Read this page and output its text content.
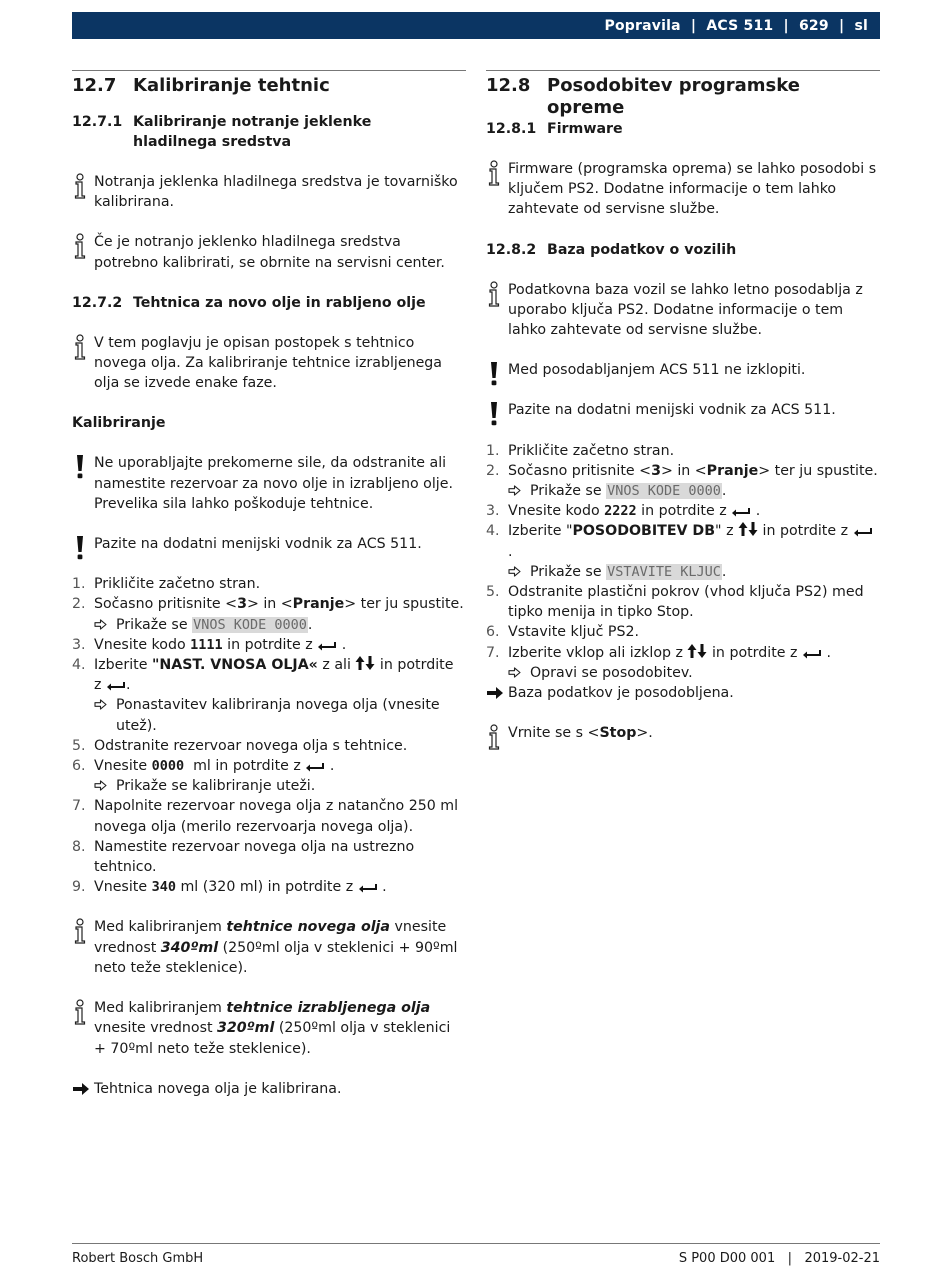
Popravila | ACS 511 | 629 | sl
12.7 Kalibriranje tehtnic
12.7.1 Kalibriranje notranje jeklenke
hladilnega sredstva
Notranja jeklenka hladilnega sredstva je tovarniško kalibrirana.
Če je notranjo jeklenko hladilnega sredstva potrebno kalibrirati, se obrnite na servisni center.
12.7.2 Tehtnica za novo olje in rabljeno olje
V tem poglavju je opisan postopek s tehtnico novega olja. Za kalibriranje tehtnice izrabljenega olja se izvede enake faze.
Kalibriranje
Ne uporabljajte prekomerne sile, da odstranite ali namestite rezervoar za novo olje in izrabljeno olje. Prevelika sila lahko poškoduje tehtnice.
Pazite na dodatni menijski vodnik za ACS 511.
1. Prikličite začetno stran.
2. Sočasno pritisnite <3> in <Pranje> ter ju spustite.
Prikaže se VNOS KODE 0000.
3. Vnesite kodo 1111 in potrdite z  .
4. Izberite "NAST. VNOSA OLJA« z ali  in potrdite
z .
Ponastavitev kalibriranja novega olja (vnesite utež).
5. Odstranite rezervoar novega olja s tehtnice.
6. Vnesite 0000  ml in potrdite z  .
Prikaže se kalibriranje uteži.
7. Napolnite rezervoar novega olja z natančno 250 ml novega olja (merilo rezervoarja novega olja).
8. Namestite rezervoar novega olja na ustrezno tehtnico.
9. Vnesite 340 ml (320 ml) in potrdite z  .
Med kalibriranjem tehtnice novega olja vnesite vrednost 340ºml (250ºml olja v steklenici + 90ºml neto teže steklenice).
Med kalibriranjem tehtnice izrabljenega olja vnesite vrednost 320ºml (250ºml olja v steklenici + 70ºml neto teže steklenice).
Tehtnica novega olja je kalibrirana.
12.8 Posodobitev programske opreme
12.8.1 Firmware
Firmware (programska oprema) se lahko posodobi s ključem PS2. Dodatne informacije o tem lahko zahtevate od servisne službe.
12.8.2 Baza podatkov o vozilih
Podatkovna baza vozil se lahko letno posodablja z uporabo ključa PS2. Dodatne informacije o tem lahko zahtevate od servisne službe.
Med posodabljanjem ACS 511 ne izklopiti.
Pazite na dodatni menijski vodnik za ACS 511.
1. Prikličite začetno stran.
2. Sočasno pritisnite <3> in <Pranje> ter ju spustite.
Prikaže se VNOS KODE 0000.
3. Vnesite kodo 2222 in potrdite z  .
4. Izberite "POSODOBITEV DB" z  in potrdite z  .
Prikaže se VSTAVITE KLJUC.
5. Odstranite plastični pokrov (vhod ključa PS2) med tipko menija in tipko Stop.
6. Vstavite ključ PS2.
7. Izberite vklop ali izklop z  in potrdite z  .
Opravi se posodobitev.
Baza podatkov je posodobljena.
Vrnite se s <Stop>.
Robert Bosch GmbH	S P00 D00 001 | 2019-02-21
